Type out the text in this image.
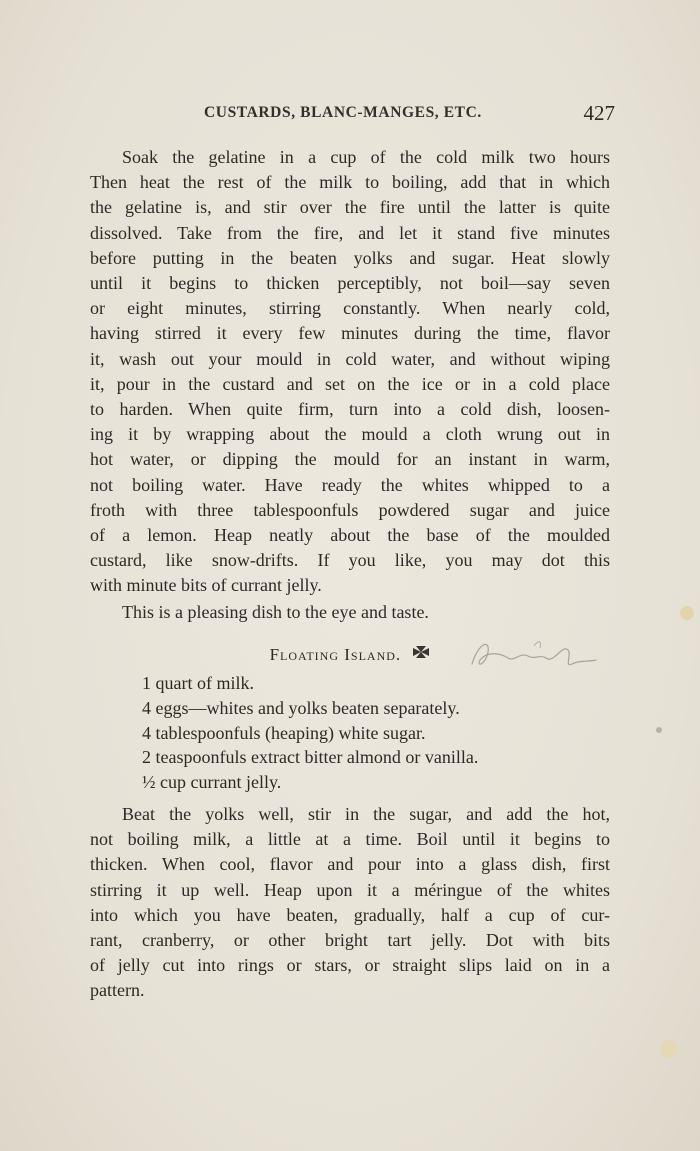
CUSTARDS, BLANC-MANGES, ETC.	427
Soak the gelatine in a cup of the cold milk two hours
Then heat the rest of the milk to boiling, add that in which
the gelatine is, and stir over the fire until the latter is quite
dissolved. Take from the fire, and let it stand five minutes
before putting in the beaten yolks and sugar. Heat slowly
until it begins to thicken perceptibly, not boil—say seven
or eight minutes, stirring constantly. When nearly cold,
having stirred it every few minutes during the time, flavor
it, wash out your mould in cold water, and without wiping
it, pour in the custard and set on the ice or in a cold place
to harden. When quite firm, turn into a cold dish, loosen-
ing it by wrapping about the mould a cloth wrung out in
hot water, or dipping the mould for an instant in warm,
not boiling water. Have ready the whites whipped to a
froth with three tablespoonfuls powdered sugar and juice
of a lemon. Heap neatly about the base of the moulded
custard, like snow-drifts. If you like, you may dot this
with minute bits of currant jelly.
This is a pleasing dish to the eye and taste.
Floating Island.
1 quart of milk.
4 eggs—whites and yolks beaten separately.
4 tablespoonfuls (heaping) white sugar.
2 teaspoonfuls extract bitter almond or vanilla.
½ cup currant jelly.
Beat the yolks well, stir in the sugar, and add the hot,
not boiling milk, a little at a time. Boil until it begins to
thicken. When cool, flavor and pour into a glass dish, first
stirring it up well. Heap upon it a méringue of the whites
into which you have beaten, gradually, half a cup of cur-
rant, cranberry, or other bright tart jelly. Dot with bits
of jelly cut into rings or stars, or straight slips laid on in a
pattern.
